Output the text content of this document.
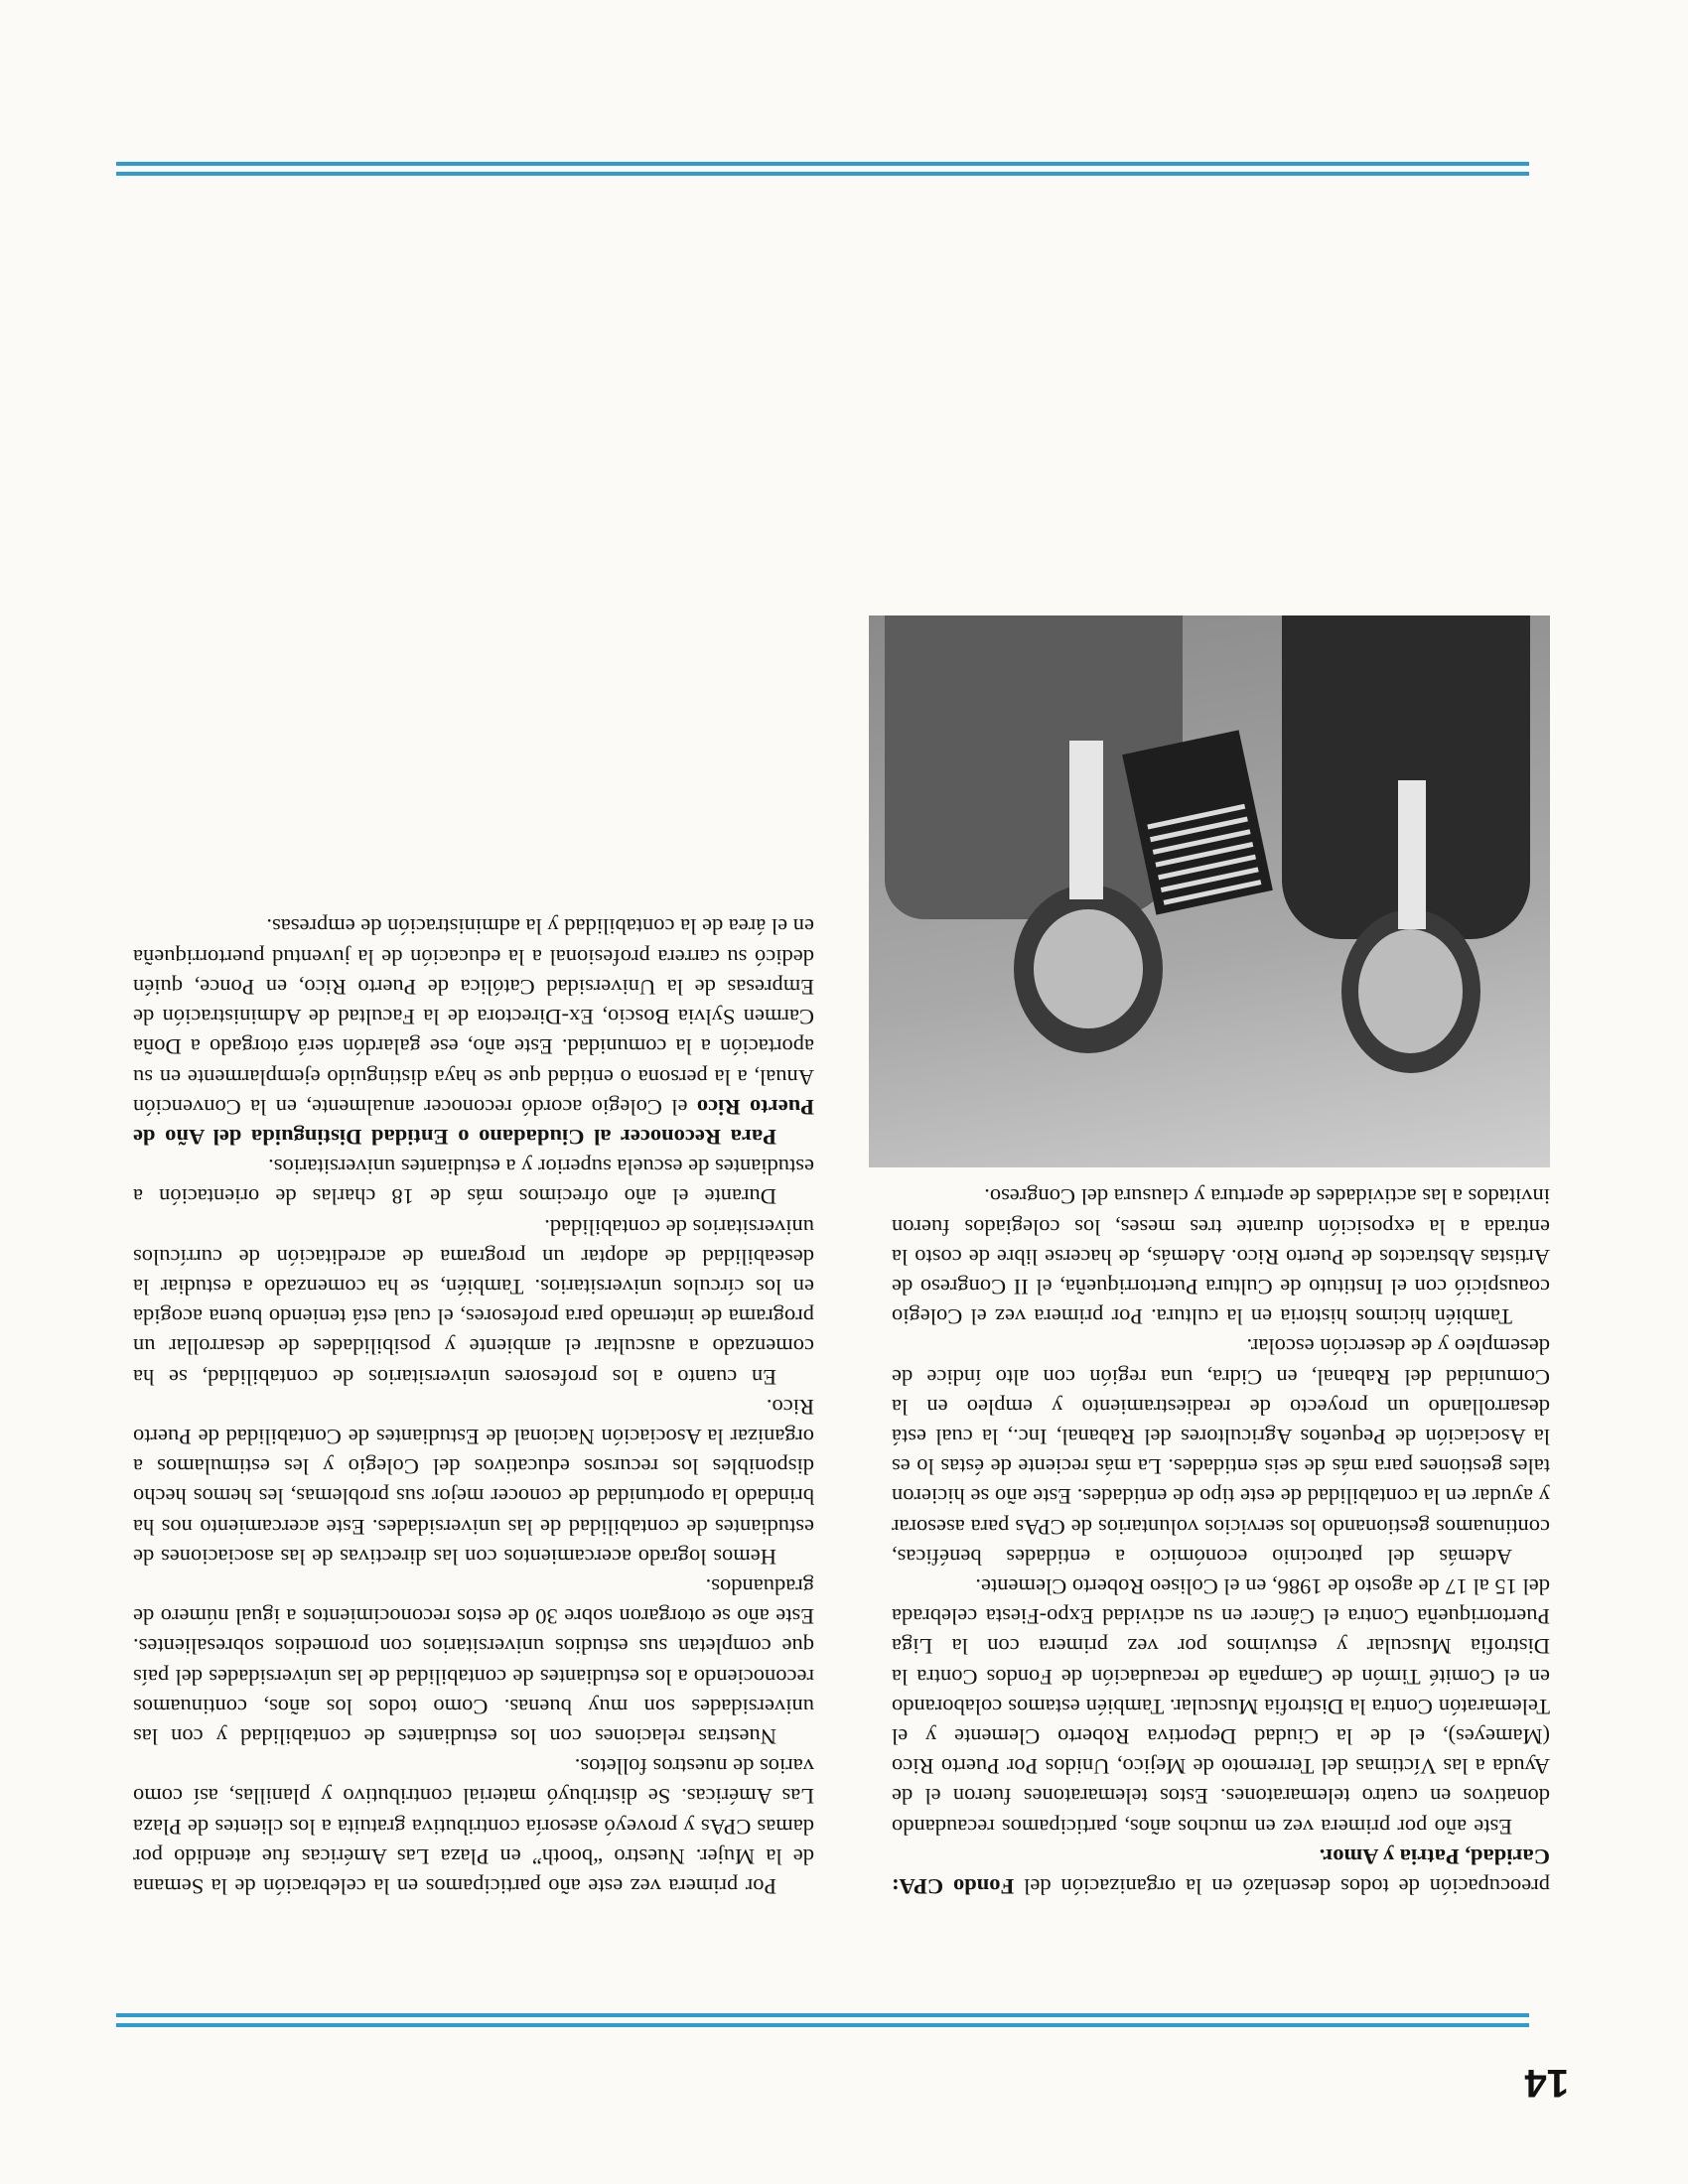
14

preocupación de todos desenlazó en la organización del Fondo CPA: Caridad, Patria y Amor.

Este año por primera vez en muchos años, participamos recaudando donativos en cuatro telemaratones. Estos telemaratones fueron el de Ayuda a las Víctimas del Terremoto de Mejico, Unidos Por Puerto Rico (Mameyes), el de la Ciudad Deportiva Roberto Clemente y el Telemaratón Contra la Distrofia Muscular. También estamos colaborando en el Comité Timón de Campaña de recaudación de Fondos Contra la Distrofia Muscular y estuvimos por vez primera con la Liga Puertorriqueña Contra el Cáncer en su actividad Expo-Fiesta celebrada del 15 al 17 de agosto de 1986, en el Coliseo Roberto Clemente.

Además del patrocinio económico a entidades benéficas, continuamos gestionando los servicios voluntarios de CPAs para asesorar y ayudar en la contabilidad de este tipo de entidades. Este año se hicieron tales gestiones para más de seis entidades. La más reciente de éstas lo es la Asociación de Pequeños Agricultores del Rabanal, Inc., la cual está desarrollando un proyecto de readiestramiento y empleo en la Comunidad del Rabanal, en Cidra, una región con alto índice de desempleo y de deserción escolar.

También hicimos historia en la cultura. Por primera vez el Colegio coauspició con el Instituto de Cultura Puertorriqueña, el II Congreso de Artistas Abstractos de Puerto Rico. Además, de hacerse libre de costo la entrada a la exposición durante tres meses, los colegiados fueron invitados a las actividades de apertura y clausura del Congreso.

Por primera vez este año participamos en la celebración de la Semana de la Mujer. Nuestro “booth” en Plaza Las Américas fue atendido por damas CPAs y proveyó asesoría contributiva gratuita a los clientes de Plaza Las Américas. Se distribuyó material contributivo y planillas, así como varios de nuestros folletos.

Nuestras relaciones con los estudiantes de contabilidad y con las universidades son muy buenas. Como todos los años, continuamos reconociendo a los estudiantes de contabilidad de las universidades del país que completan sus estudios universitarios con promedios sobresalientes. Este año se otorgaron sobre 30 de estos reconocimientos a igual número de graduandos.

Hemos logrado acercamientos con las directivas de las asociaciones de estudiantes de contabilidad de las universidades. Este acercamiento nos ha brindado la oportunidad de conocer mejor sus problemas, les hemos hecho disponibles los recursos educativos del Colegio y les estimulamos a organizar la Asociación Nacional de Estudiantes de Contabilidad de Puerto Rico.

En cuanto a los profesores universitarios de contabilidad, se ha comenzado a auscultar el ambiente y posibilidades de desarrollar un programa de internado para profesores, el cual está teniendo buena acogida en los círculos universitarios. También, se ha comenzado a estudiar la deseabilidad de adoptar un programa de acreditación de currículos universitarios de contabilidad.

Durante el año ofrecimos más de 18 charlas de orientación a estudiantes de escuela superior y a estudiantes universitarios.

Para Reconocer al Ciudadano o Entidad Distinguida del Año de Puerto Rico el Colegio acordó reconocer anualmente, en la Convención Anual, a la persona o entidad que se haya distinguido ejemplarmente en su aportación a la comunidad. Este año, ese galardón será otorgado a Doña Carmen Sylvia Boscio, Ex-Directora de la Facultad de Administración de Empresas de la Universidad Católica de Puerto Rico, en Ponce, quién dedicó su carrera profesional a la educación de la juventud puertorriqueña en el área de la contabilidad y la administración de empresas.
